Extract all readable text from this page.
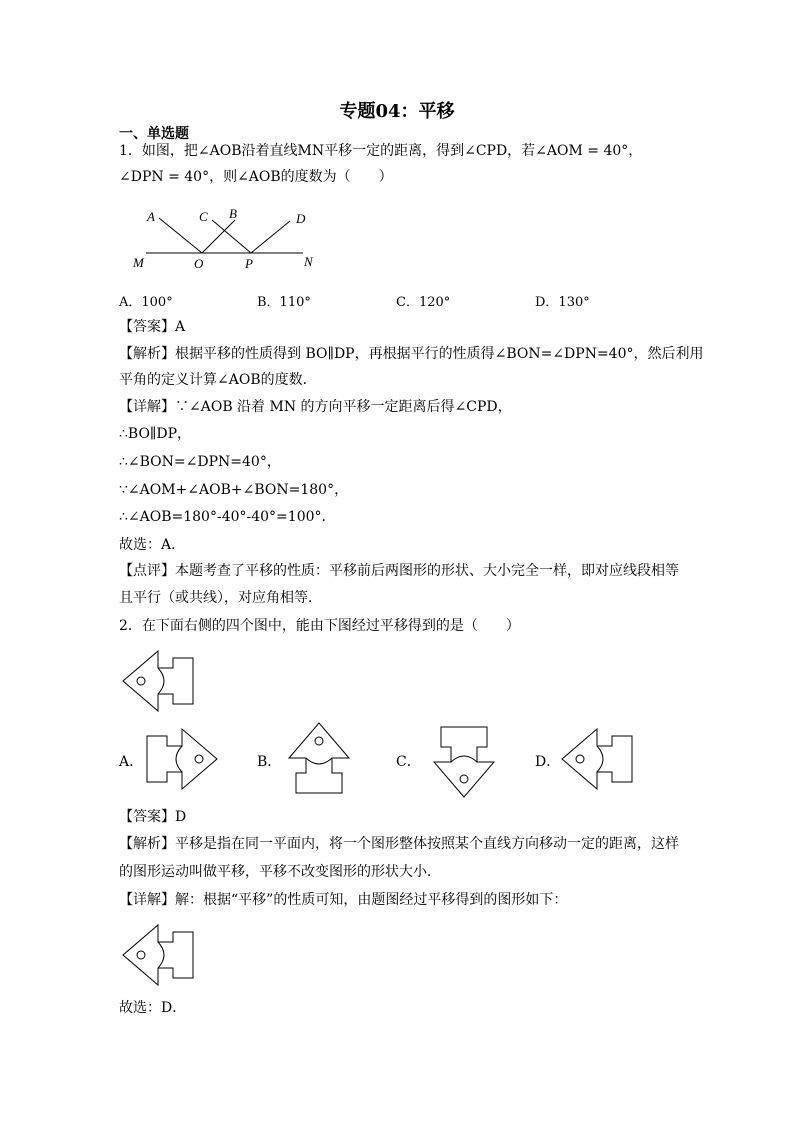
专题04：平移
一、单选题
1．如图，把∠AOB沿着直线MN平移一定的距离，得到∠CPD，若∠AOM = 40°，
∠DPN = 40°，则∠AOB的度数为（　　）
A	C B	D
M	O	P	N
A．100°	B．110°	C．120°	D．130°
【答案】A
【解析】根据平移的性质得到 BO∥DP，再根据平行的性质得∠BON=∠DPN=40°，然后利用
平角的定义计算∠AOB的度数．
【详解】∵∠AOB 沿着 MN 的方向平移一定距离后得∠CPD，
∴BO∥DP，
∴∠BON=∠DPN=40°，
∵∠AOM+∠AOB+∠BON=180°，
∴∠AOB=180°-40°-40°=100°．
故选：A．
【点评】本题考查了平移的性质：平移前后两图形的形状、大小完全一样，即对应线段相等
且平行（或共线），对应角相等．
2．在下面右侧的四个图中，能由下图经过平移得到的是（　　）
A．	B．	C．	D．
【答案】D
【解析】平移是指在同一平面内，将一个图形整体按照某个直线方向移动一定的距离，这样
的图形运动叫做平移，平移不改变图形的形状大小．
【详解】解：根据“平移”的性质可知，由题图经过平移得到的图形如下：
故选：D．
